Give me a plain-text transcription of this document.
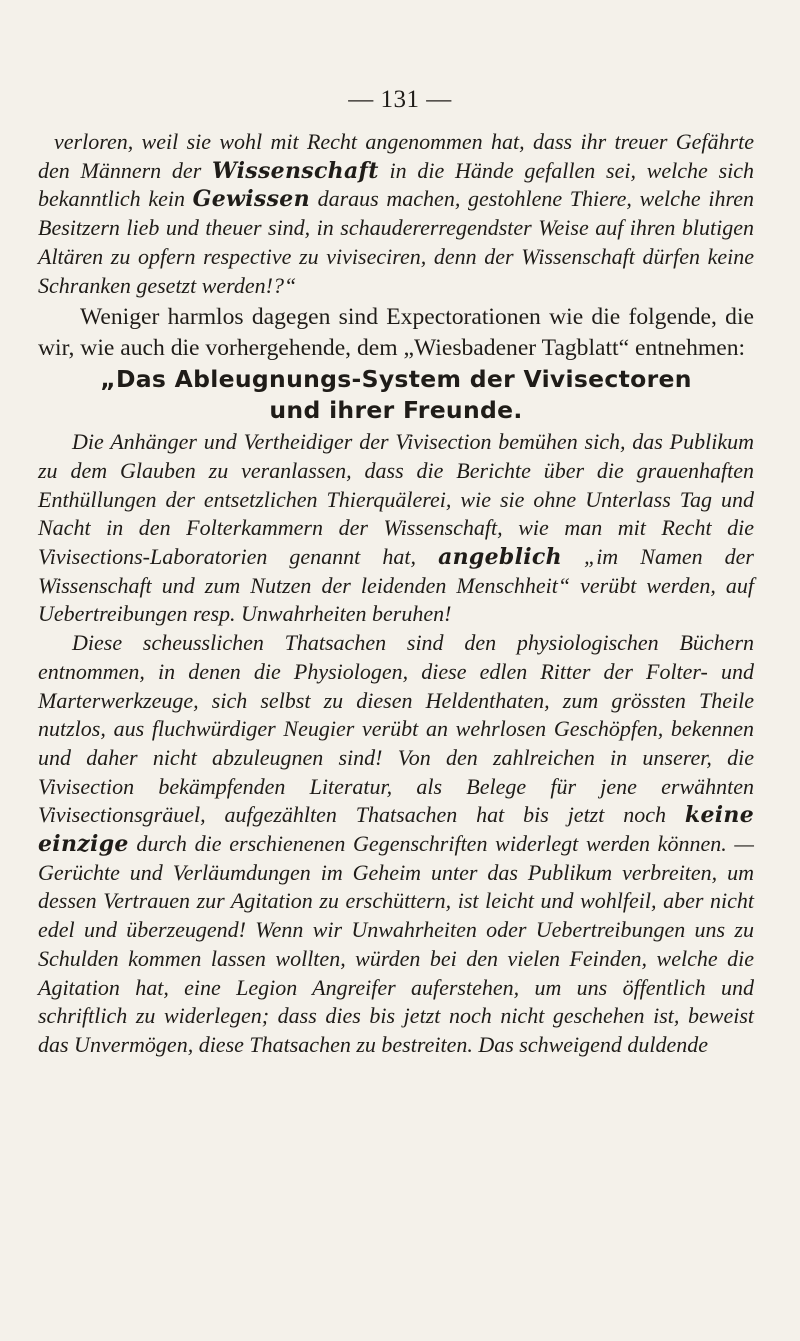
— 131 —

verloren, weil sie wohl mit Recht angenommen hat, dass ihr treuer Gefährte den Männern der Wissenschaft in die Hände gefallen sei, welche sich bekanntlich kein Gewissen daraus machen, gestohlene Thiere, welche ihren Besitzern lieb und theuer sind, in schaudererregendster Weise auf ihren blutigen Altären zu opfern respective zu viviseciren, denn der Wissenschaft dürfen keine Schranken gesetzt werden!?“

Weniger harmlos dagegen sind Expectorationen wie die folgende, die wir, wie auch die vorhergehende, dem „Wiesbadener Tagblatt“ entnehmen:

„Das Ableugnungs-System der Vivisectoren
und ihrer Freunde.

Die Anhänger und Vertheidiger der Vivisection bemühen sich, das Publikum zu dem Glauben zu veranlassen, dass die Berichte über die grauenhaften Enthüllungen der entsetzlichen Thierquälerei, wie sie ohne Unterlass Tag und Nacht in den Folterkammern der Wissenschaft, wie man mit Recht die Vivisections-Laboratorien genannt hat, angeblich „im Namen der Wissenschaft und zum Nutzen der leidenden Menschheit“ verübt werden, auf Uebertreibungen resp. Unwahrheiten beruhen!

Diese scheusslichen Thatsachen sind den physiologischen Büchern entnommen, in denen die Physiologen, diese edlen Ritter der Folter- und Marterwerkzeuge, sich selbst zu diesen Heldenthaten, zum grössten Theile nutzlos, aus fluchwürdiger Neugier verübt an wehrlosen Geschöpfen, bekennen und daher nicht abzuleugnen sind! Von den zahlreichen in unserer, die Vivisection bekämpfenden Literatur, als Belege für jene erwähnten Vivisectionsgräuel, aufgezählten Thatsachen hat bis jetzt noch keine einzige durch die erschienenen Gegenschriften widerlegt werden können. — Gerüchte und Verläumdungen im Geheim unter das Publikum verbreiten, um dessen Vertrauen zur Agitation zu erschüttern, ist leicht und wohlfeil, aber nicht edel und überzeugend! Wenn wir Unwahrheiten oder Uebertreibungen uns zu Schulden kommen lassen wollten, würden bei den vielen Feinden, welche die Agitation hat, eine Legion Angreifer auferstehen, um uns öffentlich und schriftlich zu widerlegen; dass dies bis jetzt noch nicht geschehen ist, beweist das Unvermögen, diese Thatsachen zu bestreiten. Das schweigend duldende
